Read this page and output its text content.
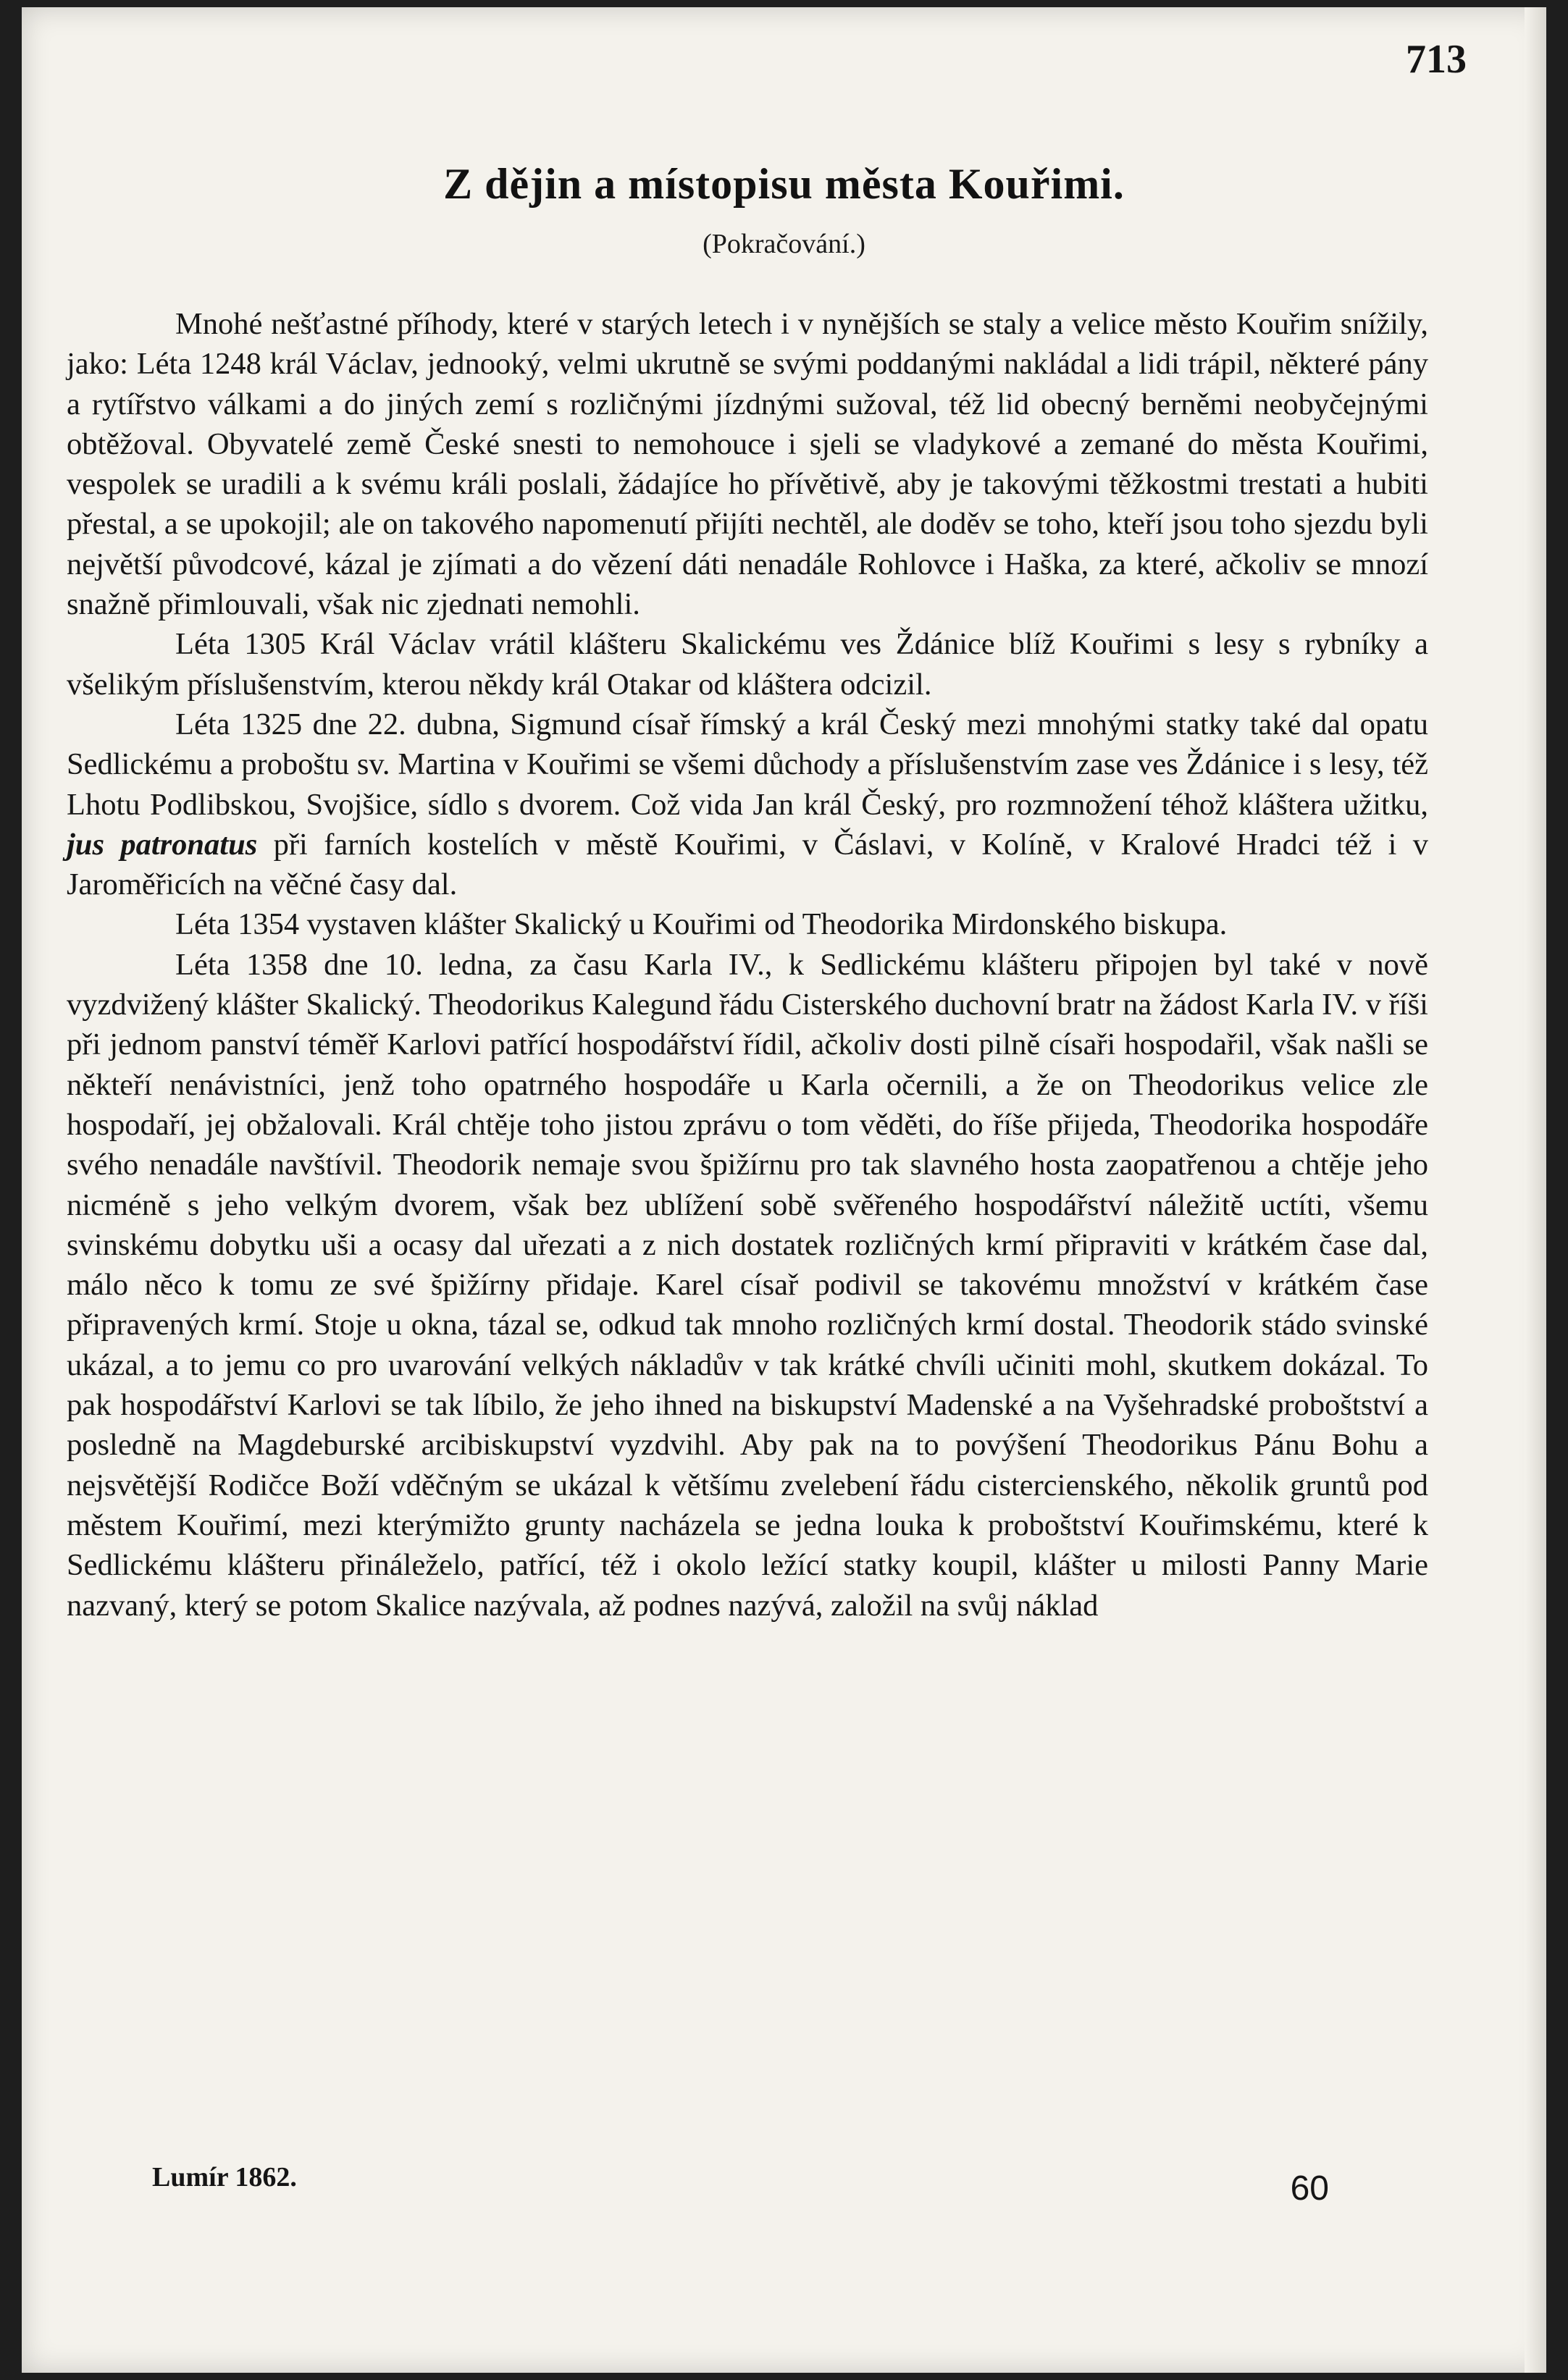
713
Z dějin a místopisu města Kouřimi.
(Pokračování.)

Mnohé nešťastné příhody, které v starých letech i v nynějších se staly a velice město Kouřim snížily, jako: Léta 1248 král Václav, jednooký, velmi ukrutně se svými poddanými nakládal a lidi trápil, některé pány a rytířstvo válkami a do jiných zemí s rozličnými jízdnými sužoval, též lid obecný berněmi neobyčejnými obtěžoval. Obyvatelé země České snesti to nemohouce i sjeli se vladykové a zemané do města Kouřimi, vespolek se uradili a k svému králi poslali, žádajíce ho přívětivě, aby je takovými těžkostmi trestati a hubiti přestal, a se upokojil; ale on takového napomenutí přijíti nechtěl, ale doděv se toho, kteří jsou toho sjezdu byli největší původcové, kázal je zjímati a do vězení dáti nenadále Rohlovce i Haška, za které, ačkoliv se mnozí snažně přimlouvali, však nic zjednati nemohli.

Léta 1305 Král Václav vrátil klášteru Skalickému ves Ždánice blíž Kouřimi s lesy s rybníky a všelikým příslušenstvím, kterou někdy král Otakar od kláštera odcizil.

Léta 1325 dne 22. dubna, Sigmund císař římský a král Český mezi mnohými statky také dal opatu Sedlickému a proboštu sv. Martina v Kouřimi se všemi důchody a příslušenstvím zase ves Ždánice i s lesy, též Lhotu Podlibskou, Svojšice, sídlo s dvorem. Což vida Jan král Český, pro rozmnožení téhož kláštera užitku, jus patronatus při farních kostelích v městě Kouřimi, v Čáslavi, v Kolíně, v Kralové Hradci též i v Jaroměřicích na věčné časy dal.

Léta 1354 vystaven klášter Skalický u Kouřimi od Theodorika Mirdonského biskupa.

Léta 1358 dne 10. ledna, za času Karla IV., k Sedlickému klášteru připojen byl také v nově vyzdvižený klášter Skalický. Theodorikus Kalegund řádu Cisterského duchovní bratr na žádost Karla IV. v říši při jednom panství téměř Karlovi patřící hospodářství řídil, ačkoliv dosti pilně císaři hospodařil, však našli se někteří nenávistníci, jenž toho opatrného hospodáře u Karla očernili, a že on Theodorikus velice zle hospodaří, jej obžalovali. Král chtěje toho jistou zprávu o tom věděti, do říše přijeda, Theodorika hospodáře svého nenadále navštívil. Theodorik nemaje svou špižírnu pro tak slavného hosta zaopatřenou a chtěje jeho nicméně s jeho velkým dvorem, však bez ublížení sobě svěřeného hospodářství náležitě uctíti, všemu svinskému dobytku uši a ocasy dal uřezati a z nich dostatek rozličných krmí připraviti v krátkém čase dal, málo něco k tomu ze své špižírny přidaje. Karel císař podivil se takovému množství v krátkém čase připravených krmí. Stoje u okna, tázal se, odkud tak mnoho rozličných krmí dostal. Theodorik stádo svinské ukázal, a to jemu co pro uvarování velkých nákladův v tak krátké chvíli učiniti mohl, skutkem dokázal. To pak hospodářství Karlovi se tak líbilo, že jeho ihned na biskupství Madenské a na Vyšehradské proboštství a posledně na Magdeburské arcibiskupství vyzdvihl. Aby pak na to povýšení Theodorikus Pánu Bohu a nejsvětější Rodičce Boží vděčným se ukázal k většímu zvelebení řádu cistercienského, několik gruntů pod městem Kouřimí, mezi kterýmižto grunty nacházela se jedna louka k proboštství Kouřimskému, které k Sedlickému klášteru přináleželo, patřící, též i okolo ležící statky koupil, klášter u milosti Panny Marie nazvaný, který se potom Skalice nazývala, až podnes nazývá, založil na svůj náklad

Lumír 1862.	60
